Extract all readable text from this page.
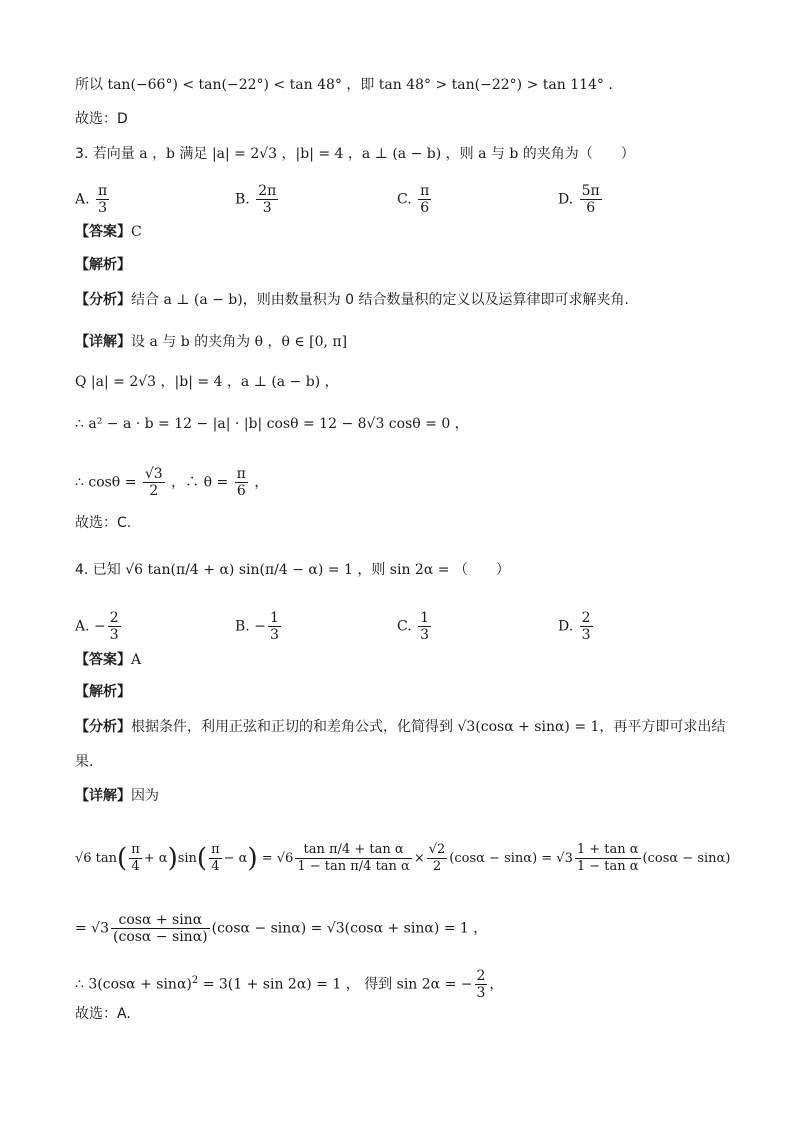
所以 tan(−66°) < tan(−22°) < tan 48° ，即 tan 48° > tan(−22°) > tan 114° .
故选：D
3. 若向量 a ，b 满足 |a| = 2√3 ，|b| = 4 ，a ⊥ (a − b) ，则 a 与 b 的夹角为（　　）
A. $\frac{\pi}{3}$	B. $\frac{2\pi}{3}$	C. $\frac{\pi}{6}$	D. $\frac{5\pi}{6}$
【答案】C
【解析】
【分析】结合 a ⊥ (a − b)，则由数量积为 0 结合数量积的定义以及运算律即可求解夹角.
【详解】设 a 与 b 的夹角为 θ ，θ ∈ [0, π]
Q |a| = 2√3 ，|b| = 4 ，a ⊥ (a − b) ，
∴ a² − a · b = 12 − |a| · |b| cosθ = 12 − 8√3 cosθ = 0 ，
∴ $\cos\theta = \frac{√3}{2}$ ，∴ $\theta = \frac{\pi}{6}$ ，
故选：C.
4. 已知 √6 tan(π/4 + α) sin(π/4 − α) = 1 ，则 sin 2α = （　　）
A. − $\frac{2}{3}$	B. − $\frac{1}{3}$	C. $\frac{1}{3}$	D. $\frac{2}{3}$
【答案】A
【解析】
【分析】根据条件，利用正弦和正切的和差角公式，化简得到 √3(cosα + sinα) = 1，再平方即可求出结
果.
【详解】因为
√6 $\tan( \frac{\pi}{4} + \alpha)\sin( \frac{\pi}{4} - \alpha) = √6 \frac{\text{tan π/4 + tan α}}{\text{1 − tan π/4 tan α}} \times \frac{√2}{2} (\cos\alpha - \sin\alpha) = √3 \frac{\text{1 + tan α}}{\text{1 − tan α}} (\cos\alpha - \sin\alpha)$
= $√3 \frac{\cos\alpha + \sin\alpha}{(\cos\alpha - \sin\alpha)} (\cos\alpha - \sin\alpha) = √3(\cos\alpha + \sin\alpha) = 1$ ，
∴ $3(\cos\alpha + \sin\alpha)^2 = 3(1 + \sin 2\alpha) = 1$ ， 得到 sin 2α = − $\frac{2}{3}$ ，
故选：A.
